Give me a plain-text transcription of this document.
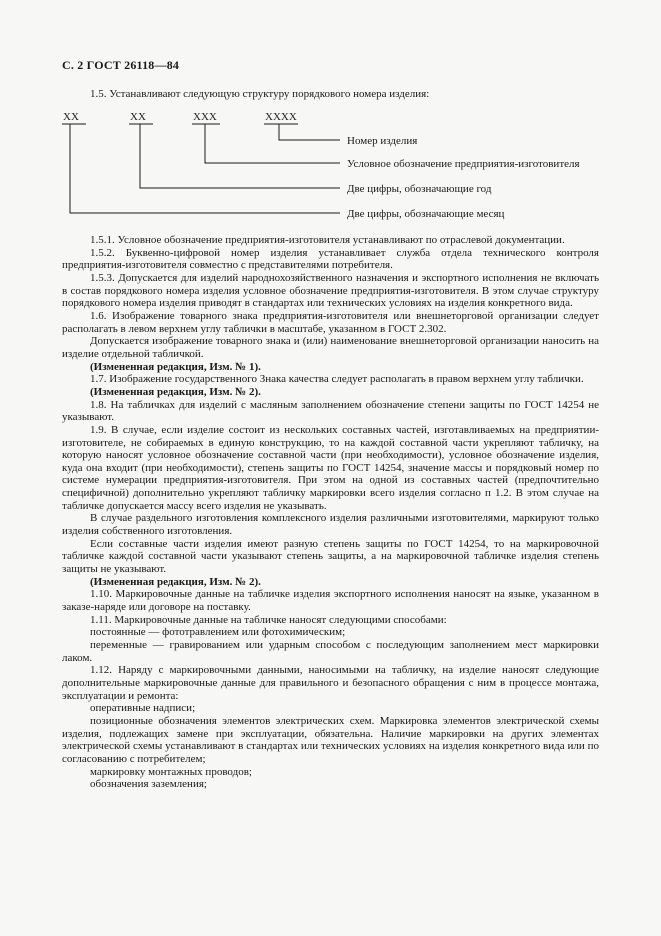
С. 2 ГОСТ 26118—84
1.5. Устанавливают следующую структуру порядкового номера изделия:
ХХ	ХХ	ХХХ	ХХХХ
Номер изделия
Условное обозначение предприятия-изготовителя
Две цифры, обозначающие год
Две цифры, обозначающие месяц

1.5.1. Условное обозначение предприятия-изготовителя устанавливают по отраслевой документации.

1.5.2. Буквенно-цифровой номер изделия устанавливает служба отдела технического контроля предприятия-изготовителя совместно с представителями потребителя.

1.5.3. Допускается для изделий народнохозяйственного назначения и экспортного исполнения не включать в состав порядкового номера изделия условное обозначение предприятия-изготовителя. В этом случае структуру порядкового номера изделия приводят в стандартах или технических условиях на изделия конкретного вида.

1.6. Изображение товарного знака предприятия-изготовителя или внешнеторговой организации следует располагать в левом верхнем углу таблички в масштабе, указанном в ГОСТ 2.302.

Допускается изображение товарного знака и (или) наименование внешнеторговой организации наносить на изделие отдельной табличкой.

(Измененная редакция, Изм. № 1).

1.7. Изображение государственного Знака качества следует располагать в правом верхнем углу таблички.

(Измененная редакция, Изм. № 2).

1.8. На табличках для изделий с масляным заполнением обозначение степени защиты по ГОСТ 14254 не указывают.

1.9. В случае, если изделие состоит из нескольких составных частей, изготавливаемых на предприятии-изготовителе, не собираемых в единую конструкцию, то на каждой составной части укрепляют табличку, на которую наносят условное обозначение составной части (при необходимости), условное обозначение изделия, куда она входит (при необходимости), степень защиты по ГОСТ 14254, значение массы и порядковый номер по системе нумерации предприятия-изготовителя. При этом на одной из составных частей (предпочтительно специфичной) дополнительно укрепляют табличку маркировки всего изделия согласно п 1.2. В этом случае на табличке допускается массу всего изделия не указывать.

В случае раздельного изготовления комплексного изделия различными изготовителями, маркируют только изделия собственного изготовления.

Если составные части изделия имеют разную степень защиты по ГОСТ 14254, то на маркировочной табличке каждой составной части указывают степень защиты, а на маркировочной табличке изделия степень защиты не указывают.

(Измененная редакция, Изм. № 2).

1.10. Маркировочные данные на табличке изделия экспортного исполнения наносят на языке, указанном в заказе-наряде или договоре на поставку.

1.11. Маркировочные данные на табличке наносят следующими способами:

постоянные — фототравлением или фотохимическим;

переменные — гравированием или ударным способом с последующим заполнением мест маркировки лаком.

1.12. Наряду с маркировочными данными, наносимыми на табличку, на изделие наносят следующие дополнительные маркировочные данные для правильного и безопасного обращения с ним в процессе монтажа, эксплуатации и ремонта:

оперативные надписи;

позиционные обозначения элементов электрических схем. Маркировка элементов электрической схемы изделия, подлежащих замене при эксплуатации, обязательна. Наличие маркировки на других элементах электрической схемы устанавливают в стандартах или технических условиях на изделия конкретного вида или по согласованию с потребителем;

маркировку монтажных проводов;

обозначения заземления;
